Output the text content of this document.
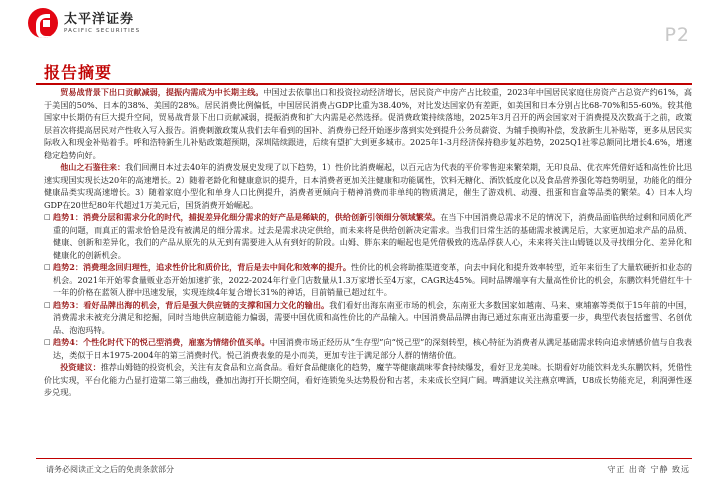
太平洋证券
PACIFIC SECURITIES	P2
报告摘要

贸易战背景下出口贡献减弱，提振内需成为中长期主线。中国过去依靠出口和投资拉动经济增长，居民资产中房产占比较重，2023年中国居民家庭住房资产占总资产约61%，高于美国的50%、日本的38%、美国的28%。居民消费比例偏低，中国居民消费占GDP比重为38.40%，对比发达国家仍有差距，如美国和日本分别占比68-70%和55-60%。较其他国家中长期仍有巨大提升空间，贸易战背景下出口贡献减弱，提振消费和扩大内需是必然选择。促消费政策持续落地，2025年3月召开的两会国家对于消费提及次数高于之前，政策层首次将提高居民对产性收入写入报告。消费刺激政策从我们去年看到的国补、消费券已经开始逐步落到实处到提升公务员薪资、为辅手换购补偿，发放新生儿补贴等，更多从居民实际收入和现金补贴着手。呼和浩特新生儿补贴政策超预期，深圳陆续跟进，后续有望扩大到更多城市。2025年1-3月经济保持稳步复苏趋势，2025Q1社零总额同比增长4.6%，增速稳定趋势向好。

他山之石鉴往来：我们回溯日本过去40年的消费发展史发现了以下趋势，1）性价比消费崛起，以百元店为代表的平价零售迎来繁荣期，无印良品、优衣库凭借好适和高性价比迅速实现国实现长达20年的高速增长。2）随着老龄化和健康意识的提升，日本消费者更加关注健康和功能属性，饮料无糖化、酒饮低度化以及食品营养强化等趋势明显，功能化的细分健康品类实现高速增长。3）随着家庭小型化和单身人口比例提升，消费者更倾向于精神消费而非单纯的物质满足，催生了游戏机、动漫、扭蛋和盲盒等品类的繁荣。4）日本人均GDP在20世纪80年代超过1万美元后，国货消费开始崛起。

□ 趋势1：消费分层和需求分化的时代，捕捉差异化细分需求的好产品是稀缺的，供给创新引领细分领域繁荣。在当下中国消费总需求不足的情况下，消费品面临供给过剩和同质化严重的问题，而真正的需求恰恰是没有被满足的细分需求。过去是需求决定供给，而未来将是供给创新决定需求。当我们日常生活的基础需求被满足后，大家更加追求产品的品质、健康、创新和差异化，我们的产品从原先的从无到有需要进入从有到好的阶段。山姆、胖东来的崛起也是凭借极致的选品俘获人心，未来将关注山姆链以及寻找细分化、差异化和健康化的创新机会。

□ 趋势2：消费理念回归理性，追求性价比和质价比，背后是去中间化和效率的提升。性价比的机会将助推渠道变革，向去中间化和提升效率转型，近年来衍生了大量软硬折扣业态的机会。2021年开始零食量贩业态开始加速扩张，2022-2024年行业门店数量从1.3万家增长至4万家，CAGR达45%。同时品牌端享有大量高性价比的机会，东鹏饮料凭借红牛十一年的价格在蓝领人群中迅速发展，实现连续4年复合增长31%的神话，目前销量已超过红牛。

□ 趋势3：看好品牌出海的机会，背后是强大供应链的支撑和国力文化的输出。我们看好出海东南亚市场的机会，东南亚大多数国家如越南、马来、柬埔寨等类似于15年前的中国，消费需求未被充分满足和挖掘，同时当地供应制造能力偏弱，需要中国优质和高性价比的产品输入。中国消费品品牌由海已通过东南亚出海重要一步，典型代表包括蜜雪、名创优品、泡泡玛特。

□ 趋势4：个性化时代下的悦己型消费，雇塞为情绪价值买单。中国消费市场正经历从“生存型”向“悦己型”的深刻转型，核心特征为消费者从满足基础需求转向追求情感价值与自我表达，类似于日本1975-2004年的第三消费时代。悦己消费表象的是小而美，更加专注于满足部分人群的情绪价值。

投资建议：推荐山姆链的投资机会，关注有友食品和立高食品。看好食品健康化的趋势，魔芋等健康蔬味零食持续爆发，看好卫龙美味。长期看好功能饮料龙头东鹏饮料，凭借性价比实现，平台化能力凸显打造第二第三曲线，叠加出海打开长期空间，看好连锁兔头达势股份和古茗，未来成长空间广阔。啤酒建议关注燕京啤酒，U8成长势能充足，利润弹性逐步兑现。

请务必阅读正文之后的免责条款部分	守正 出奇 宁静 致远
